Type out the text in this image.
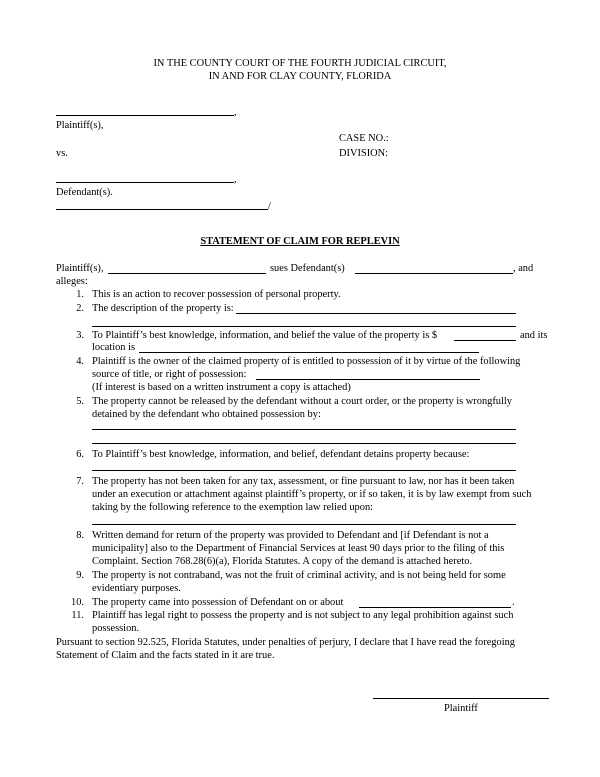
IN THE COUNTY COURT OF THE FOURTH JUDICIAL CIRCUIT,
IN AND FOR CLAY COUNTY, FLORIDA
,
Plaintiff(s),
CASE NO.:
vs.	DIVISION:
,
Defendant(s).
/
STATEMENT OF CLAIM FOR REPLEVIN
Plaintiff(s),	sues Defendant(s)	, and
alleges:
1. This is an action to recover possession of personal property.
2. The description of the property is:
3. To Plaintiff’s best knowledge, information, and belief the value of the property is $	and its
location is
4. Plaintiff is the owner of the claimed property of is entitled to possession of it by virtue of the following
source of title, or right of possession:
(If interest is based on a written instrument a copy is attached)
5. The property cannot be released by the defendant without a court order, or the property is wrongfully
detained by the defendant who obtained possession by:
6. To Plaintiff’s best knowledge, information, and belief, defendant detains property because:
7. The property has not been taken for any tax, assessment, or fine pursuant to law, nor has it been taken
under an execution or attachment against plaintiff’s property, or if so taken, it is by law exempt from such
taking by the following reference to the exemption law relied upon:
8. Written demand for return of the property was provided to Defendant and [if Defendant is not a
municipality] also to the Department of Financial Services at least 90 days prior to the filing of this
Complaint. Section 768.28(6)(a), Florida Statutes. A copy of the demand is attached hereto.
9. The property is not contraband, was not the fruit of criminal activity, and is not being held for some
evidentiary purposes.
10. The property came into possession of Defendant on or about	.
11. Plaintiff has legal right to possess the property and is not subject to any legal prohibition against such
possession.
Pursuant to section 92.525, Florida Statutes, under penalties of perjury, I declare that I have read the foregoing
Statement of Claim and the facts stated in it are true.
Plaintiff
